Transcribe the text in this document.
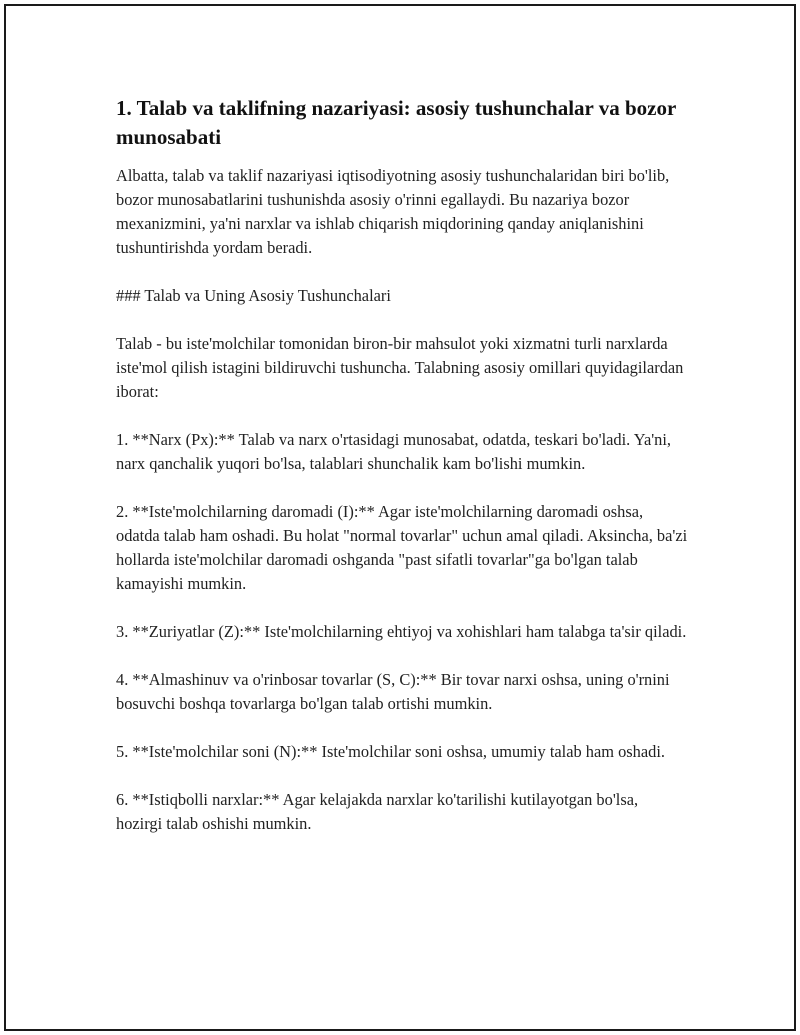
1. Talab va taklifning nazariyasi: asosiy tushunchalar va bozor munosabati

Albatta, talab va taklif nazariyasi iqtisodiyotning asosiy tushunchalaridan biri bo'lib, bozor munosabatlarini tushunishda asosiy o'rinni egallaydi. Bu nazariya bozor mexanizmini, ya'ni narxlar va ishlab chiqarish miqdorining qanday aniqlanishini tushuntirishda yordam beradi.

### Talab va Uning Asosiy Tushunchalari

Talab - bu iste'molchilar tomonidan biron-bir mahsulot yoki xizmatni turli narxlarda iste'mol qilish istagini bildiruvchi tushuncha. Talabning asosiy omillari quyidagilardan iborat:

1. **Narx (Px):** Talab va narx o'rtasidagi munosabat, odatda, teskari bo'ladi. Ya'ni, narx qanchalik yuqori bo'lsa, talablari shunchalik kam bo'lishi mumkin.

2. **Iste'molchilarning daromadi (I):** Agar iste'molchilarning daromadi oshsa, odatda talab ham oshadi. Bu holat "normal tovarlar" uchun amal qiladi. Aksincha, ba'zi hollarda iste'molchilar daromadi oshganda "past sifatli tovarlar"ga bo'lgan talab kamayishi mumkin.

3. **Zuriyatlar (Z):** Iste'molchilarning ehtiyoj va xohishlari ham talabga ta'sir qiladi.

4. **Almashinuv va o'rinbosar tovarlar (S, C):** Bir tovar narxi oshsa, uning o'rnini bosuvchi boshqa tovarlarga bo'lgan talab ortishi mumkin.

5. **Iste'molchilar soni (N):** Iste'molchilar soni oshsa, umumiy talab ham oshadi.

6. **Istiqbolli narxlar:** Agar kelajakda narxlar ko'tarilishi kutilayotgan bo'lsa, hozirgi talab oshishi mumkin.
